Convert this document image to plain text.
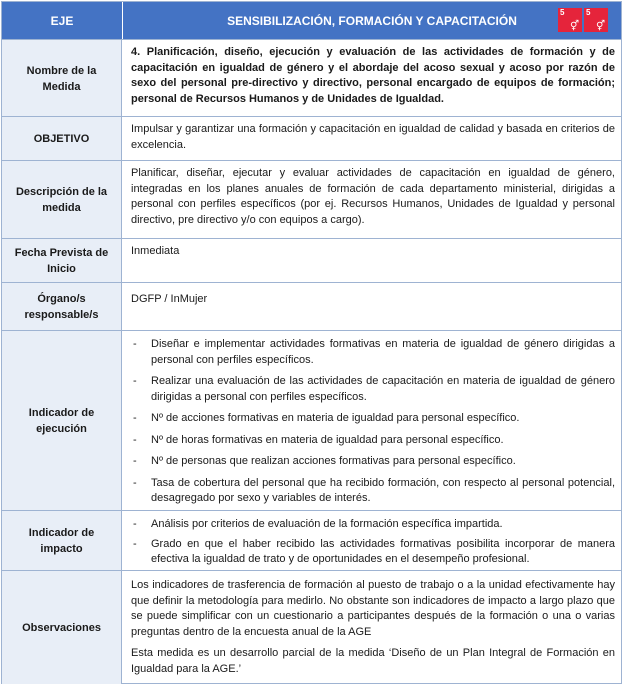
EJE	SENSIBILIZACIÓN, FORMACIÓN Y CAPACITACIÓN
5
⚥
5
⚥
Nombre de la Medida
4. Planificación, diseño, ejecución y evaluación de las actividades de formación y de capacitación en igualdad de género y el abordaje del acoso sexual y acoso por razón de sexo del personal pre-directivo y directivo, personal encargado de equipos de formación; personal de Recursos Humanos y de Unidades de Igualdad.
OBJETIVO
Impulsar y garantizar una formación y capacitación en igualdad de calidad y basada en criterios de excelencia.
Descripción de la medida
Planificar, diseñar, ejecutar y evaluar actividades de capacitación en igualdad de género, integradas en los planes anuales de formación de cada departamento ministerial, dirigidas a personal con perfiles específicos (por ej. Recursos Humanos, Unidades de Igualdad y personal directivo, pre directivo y/o con equipos a cargo).
Fecha Prevista de Inicio
Inmediata
Órgano/s responsable/s
DGFP / InMujer
Indicador de ejecución
- Diseñar e implementar actividades formativas en materia de igualdad de género dirigidas a personal con perfiles específicos.
- Realizar una evaluación de las actividades de capacitación en materia de igualdad de género dirigidas a personal con perfiles específicos.
- Nº de acciones formativas en materia de igualdad para personal específico.
- Nº de horas formativas en materia de igualdad para personal específico.
- Nº de personas que realizan acciones formativas para personal específico.
- Tasa de cobertura del personal que ha recibido formación, con respecto al personal potencial, desagregado por sexo y variables de interés.
Indicador de impacto
- Análisis por criterios de evaluación de la formación específica impartida.
- Grado en que el haber recibido las actividades formativas posibilita incorporar de manera efectiva la igualdad de trato y de oportunidades en el desempeño profesional.
Observaciones

Los indicadores de trasferencia de formación al puesto de trabajo o a la unidad efectivamente hay que definir la metodología para medirlo. No obstante son indicadores de impacto a largo plazo que se puede simplificar con un cuestionario a participantes después de la formación o una o varias preguntas dentro de la encuesta anual de la AGE

Esta medida es un desarrollo parcial de la medida ‘Diseño de un Plan Integral de Formación en Igualdad para la AGE.’
